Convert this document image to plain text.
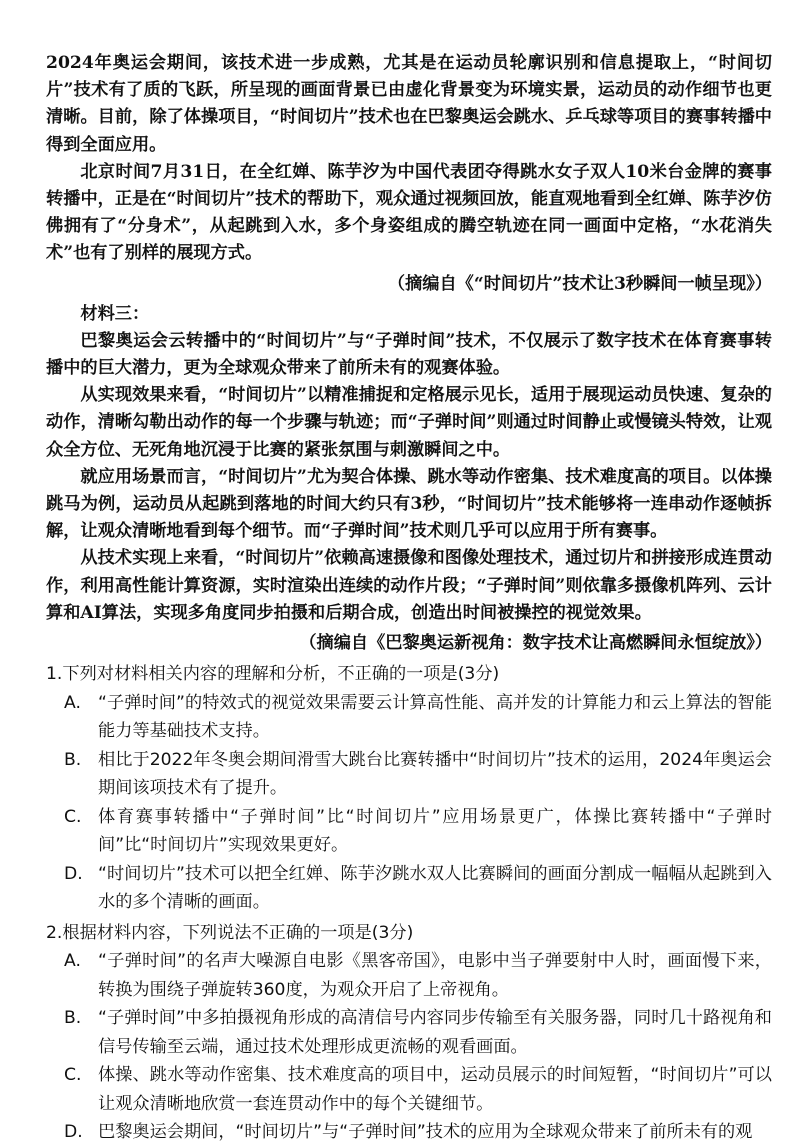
2024年奥运会期间，该技术进一步成熟，尤其是在运动员轮廓识别和信息提取上，“时间切片”技术有了质的飞跃，所呈现的画面背景已由虚化背景变为环境实景，运动员的动作细节也更清晰。目前，除了体操项目，“时间切片”技术也在巴黎奥运会跳水、乒乓球等项目的赛事转播中得到全面应用。

北京时间7月31日，在全红婵、陈芋汐为中国代表团夺得跳水女子双人10米台金牌的赛事转播中，正是在“时间切片”技术的帮助下，观众通过视频回放，能直观地看到全红婵、陈芋汐仿佛拥有了“分身术”，从起跳到入水，多个身姿组成的腾空轨迹在同一画面中定格，“水花消失术”也有了别样的展现方式。

（摘编自《“时间切片”技术让3秒瞬间一帧呈现》）
材料三：

巴黎奥运会云转播中的“时间切片”与“子弹时间”技术，不仅展示了数字技术在体育赛事转播中的巨大潜力，更为全球观众带来了前所未有的观赛体验。

从实现效果来看，“时间切片”以精准捕捉和定格展示见长，适用于展现运动员快速、复杂的动作，清晰勾勒出动作的每一个步骤与轨迹；而“子弹时间”则通过时间静止或慢镜头特效，让观众全方位、无死角地沉浸于比赛的紧张氛围与刺激瞬间之中。

就应用场景而言，“时间切片”尤为契合体操、跳水等动作密集、技术难度高的项目。以体操跳马为例，运动员从起跳到落地的时间大约只有3秒，“时间切片”技术能够将一连串动作逐帧拆解，让观众清晰地看到每个细节。而“子弹时间”技术则几乎可以应用于所有赛事。

从技术实现上来看，“时间切片”依赖高速摄像和图像处理技术，通过切片和拼接形成连贯动作，利用高性能计算资源，实时渲染出连续的动作片段；“子弹时间”则依靠多摄像机阵列、云计算和AI算法，实现多角度同步拍摄和后期合成，创造出时间被操控的视觉效果。

（摘编自《巴黎奥运新视角：数字技术让高燃瞬间永恒绽放》）
1.下列对材料相关内容的理解和分析，不正确的一项是(3分)
A. “子弹时间”的特效式的视觉效果需要云计算高性能、高并发的计算能力和云上算法的智能能力等基础技术支持。
B. 相比于2022年冬奥会期间滑雪大跳台比赛转播中“时间切片”技术的运用，2024年奥运会期间该项技术有了提升。
C. 体育赛事转播中“子弹时间”比“时间切片”应用场景更广，体操比赛转播中“子弹时间”比“时间切片”实现效果更好。
D. “时间切片”技术可以把全红婵、陈芋汐跳水双人比赛瞬间的画面分割成一幅幅从起跳到入水的多个清晰的画面。
2.根据材料内容，下列说法不正确的一项是(3分)
A. “子弹时间”的名声大噪源自电影《黑客帝国》，电影中当子弹要射中人时，画面慢下来，转换为围绕子弹旋转360度，为观众开启了上帝视角。
B. “子弹时间”中多拍摄视角形成的高清信号内容同步传输至有关服务器，同时几十路视角和信号传输至云端，通过技术处理形成更流畅的观看画面。
C. 体操、跳水等动作密集、技术难度高的项目中，运动员展示的时间短暂，“时间切片”可以让观众清晰地欣赏一套连贯动作中的每个关键细节。
D. 巴黎奥运会期间，“时间切片”与“子弹时间”技术的应用为全球观众带来了前所未有的观
